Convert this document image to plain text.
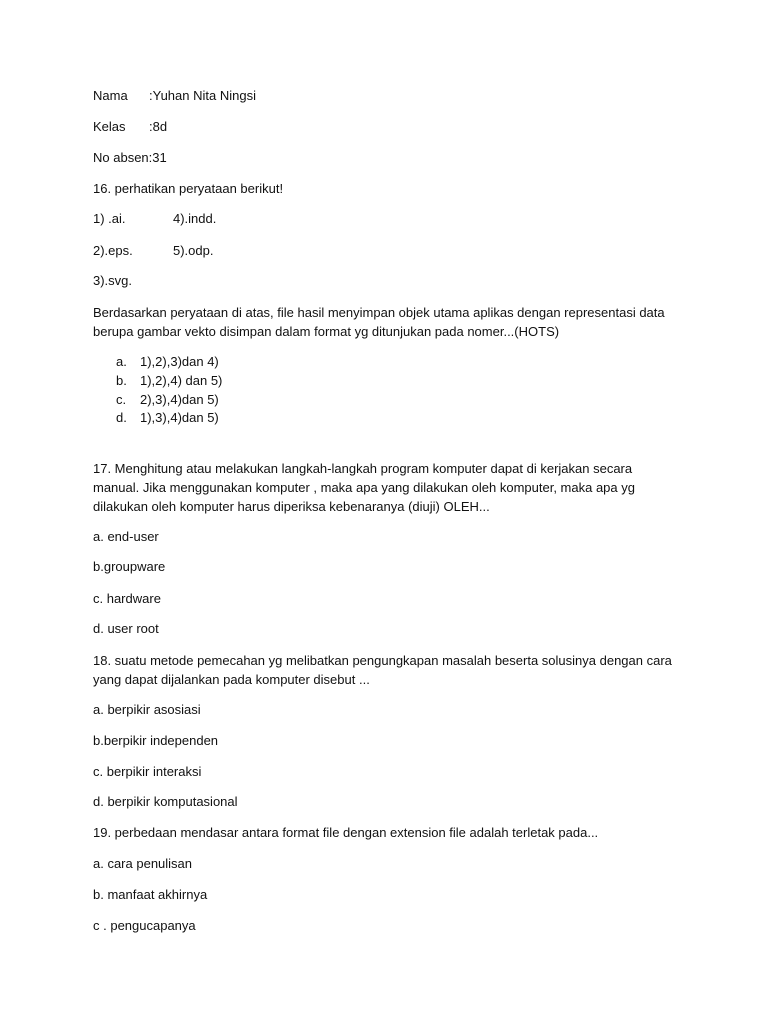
Nama :Yuhan Nita Ningsi
Kelas :8d
No absen:31
16. perhatikan peryataan berikut!
1) .ai.	4).indd.
2).eps.	5).odp.
3).svg.
Berdasarkan peryataan di atas, file hasil menyimpan objek utama aplikas dengan representasi data
berupa gambar vekto disimpan dalam format yg ditunjukan pada nomer...(HOTS)
a. 1),2),3)dan 4)
b. 1),2),4) dan 5)
c. 2),3),4)dan 5)
d. 1),3),4)dan 5)
17. Menghitung atau melakukan langkah-langkah program komputer dapat di kerjakan secara
manual. Jika menggunakan komputer , maka apa yang dilakukan oleh komputer, maka apa yg
dilakukan oleh komputer harus diperiksa kebenaranya (diuji) OLEH...
a. end-user
b.groupware
c. hardware
d. user root
18. suatu metode pemecahan yg melibatkan pengungkapan masalah beserta solusinya dengan cara
yang dapat dijalankan pada komputer disebut ...
a. berpikir asosiasi
b.berpikir independen
c. berpikir interaksi
d. berpikir komputasional
19. perbedaan mendasar antara format file dengan extension file adalah terletak pada...
a. cara penulisan
b. manfaat akhirnya
c . pengucapanya
